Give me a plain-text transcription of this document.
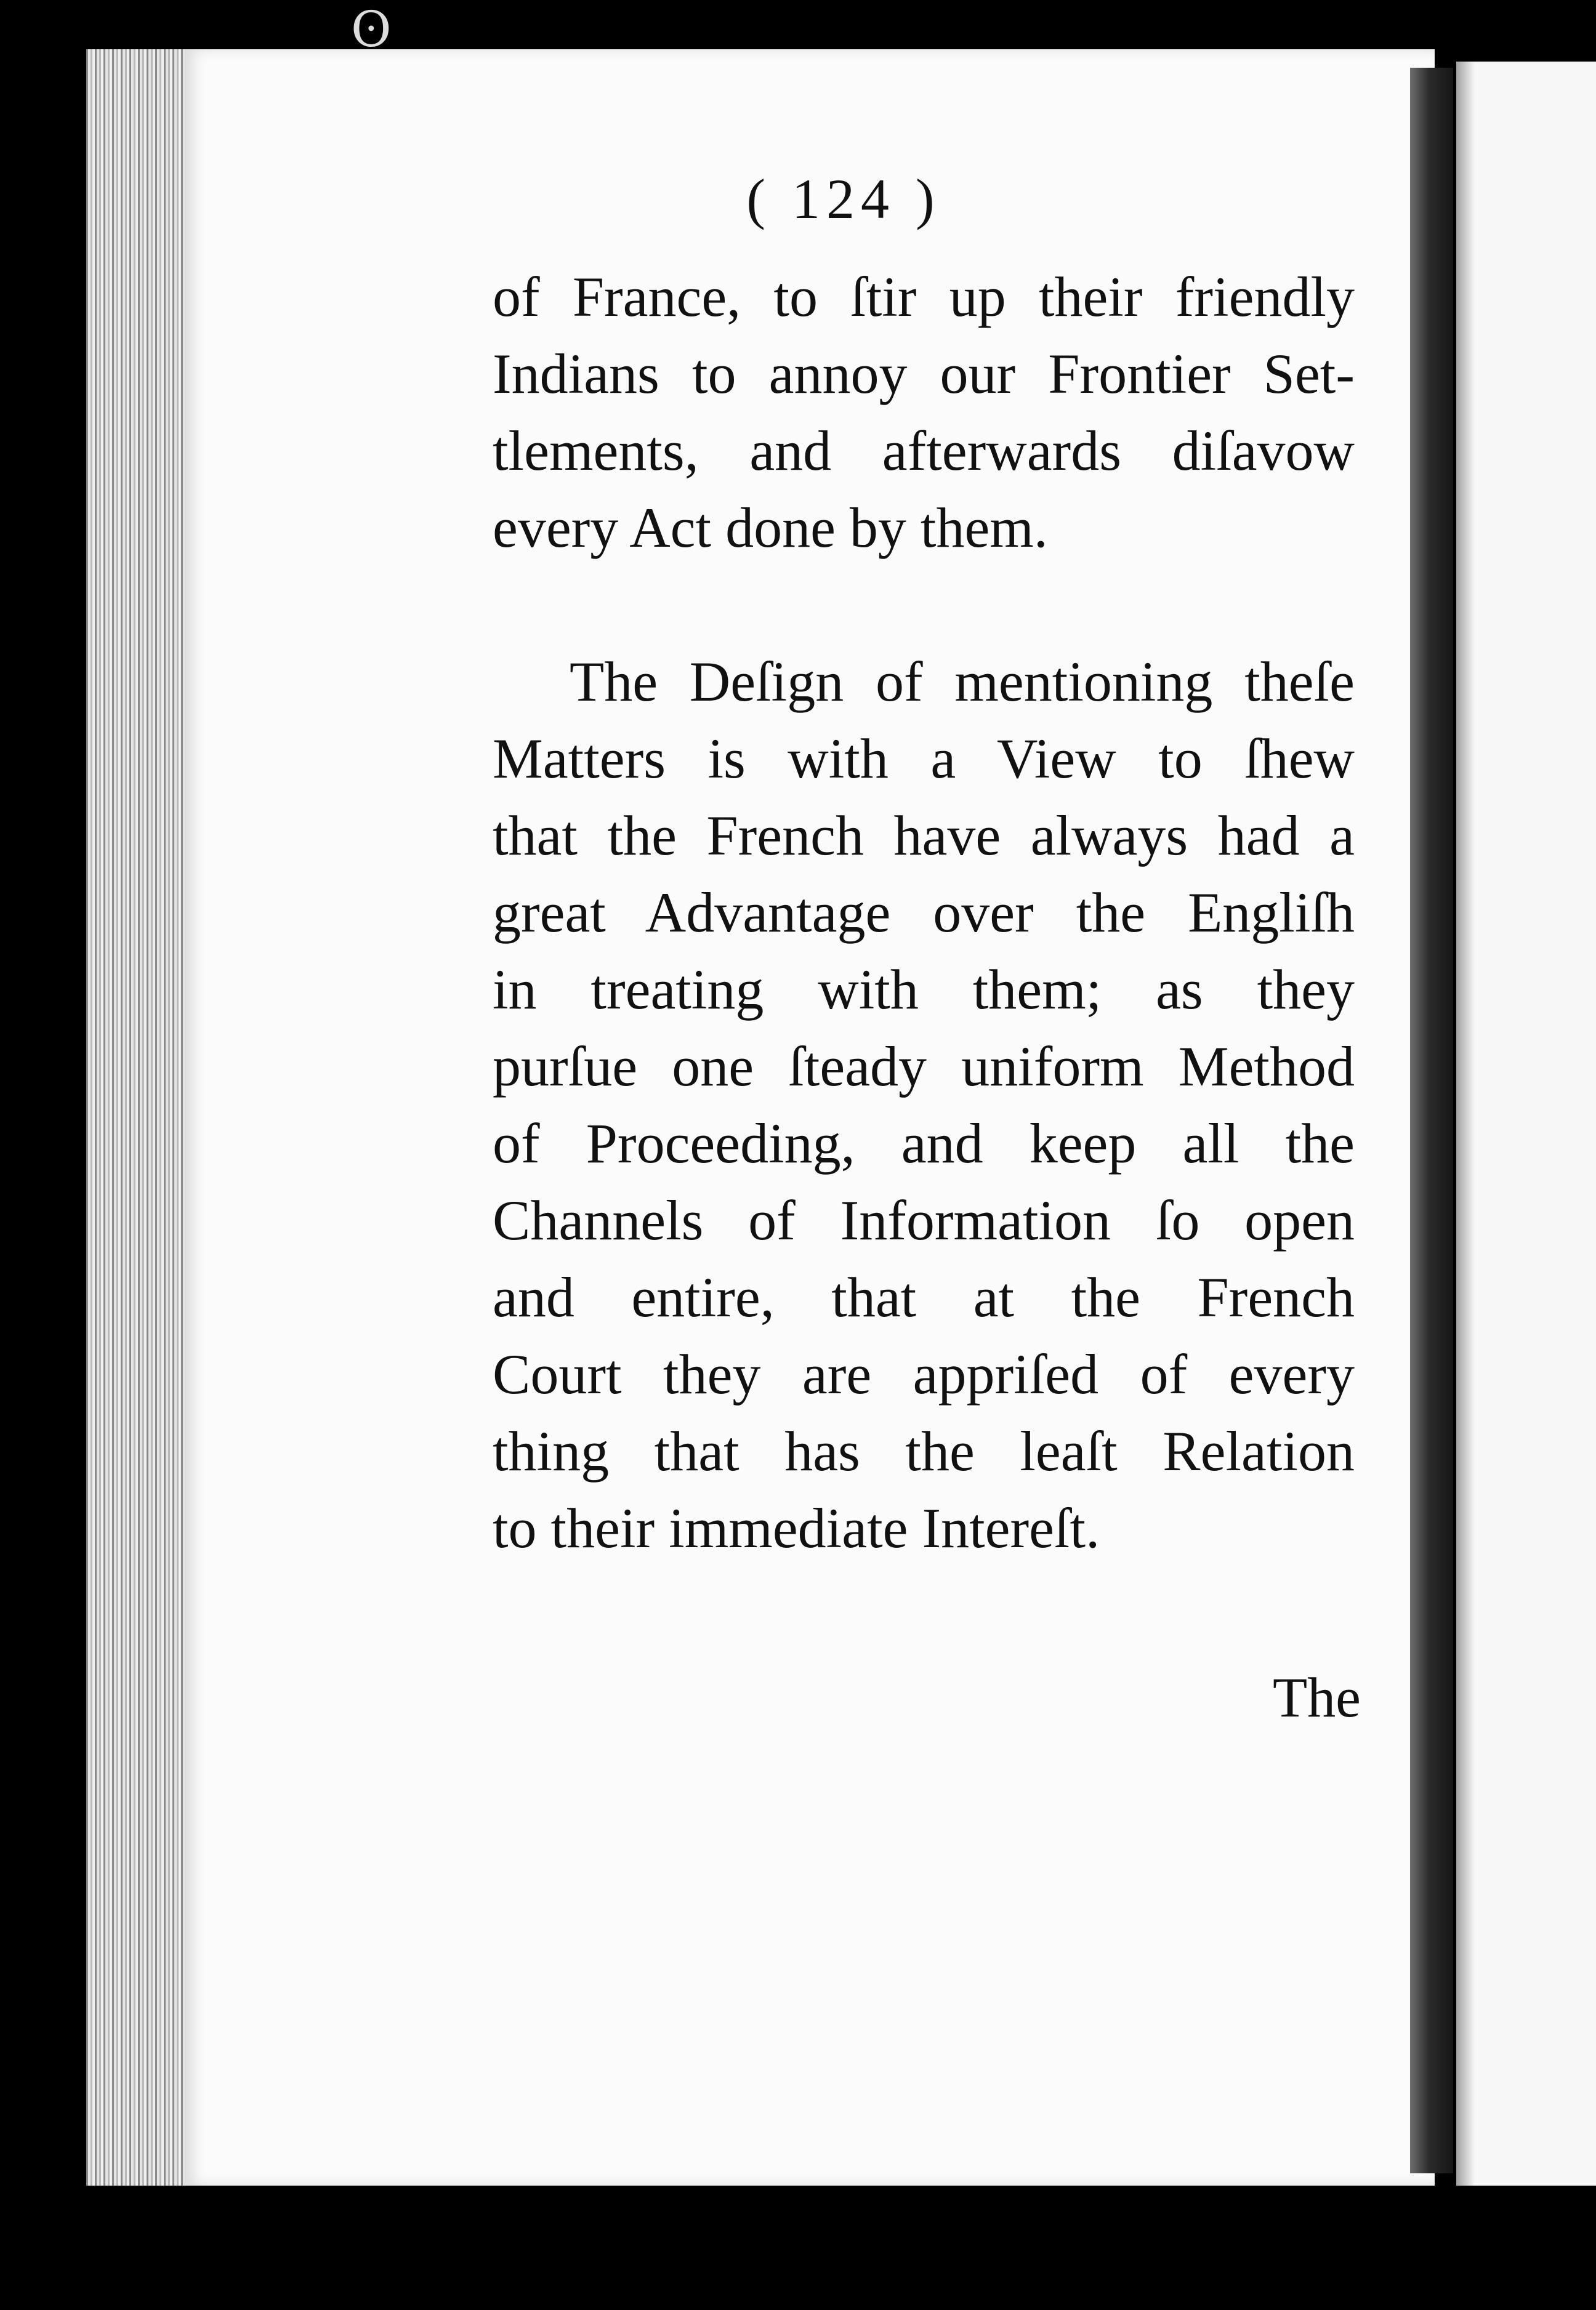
ʘ
( 124 )
of France, to ſtir up their friendly
Indians to annoy our Frontier Set-
tlements, and afterwards diſavow
every Act done by them.
The Deſign of mentioning theſe
Matters is with a View to ſhew
that the French have always had a
great Advantage over the Engliſh
in treating with them; as they
purſue one ſteady uniform Method
of Proceeding, and keep all the
Channels of Information ſo open
and entire, that at the French
Court they are appriſed of every
thing that has the leaſt Relation
to their immediate Intereſt.
The
